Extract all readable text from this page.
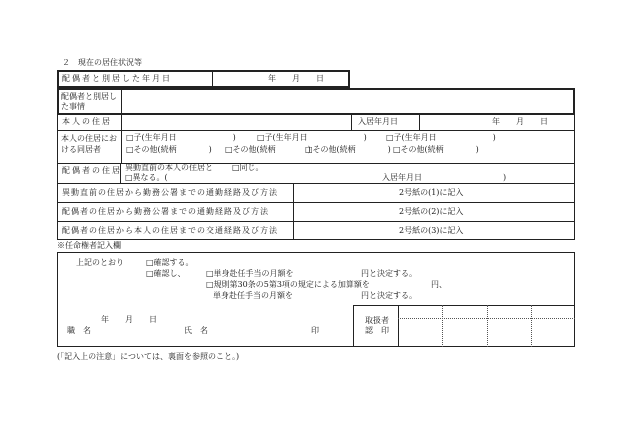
２　現在の居住状況等
配偶者と別居した年月日	年　　月　　日
配偶者と別居し
た事情
本人の住居	入居年月日	年　　月　　日
本人の住居にお
ける同居者
□子(生年月日　　　　　　　)	□子(生年月日　　　　　　　) □子(生年月日　　　　　　　)
□その他(続柄　　　　) □その他(続柄　　　　)
□その他(続柄　　　　) □その他(続柄　　　　)
配偶者の住居 異動直前の本人の住居と □同じ。
□異なる。(	入居年月日	)
異動直前の住居から勤務公署までの通勤経路及び方法	2号紙の(1)に記入
配偶者の住居から勤務公署までの通勤経路及び方法	2号紙の(2)に記入
配偶者の住居から本人の住居までの交通経路及び方法	2号紙の(3)に記入
※任命権者記入欄
上記のとおり	□確認する。
□確認し、	□単身赴任手当の月額を	円と決定する。
□規則第30条の5第3項の規定による加算額を	円、
単身赴任手当の月額を	円と決定する。
年　　月　　日
職　名	氏　名	印
取扱者
認　印
(「記入上の注意」については、裏面を参照のこと。)
